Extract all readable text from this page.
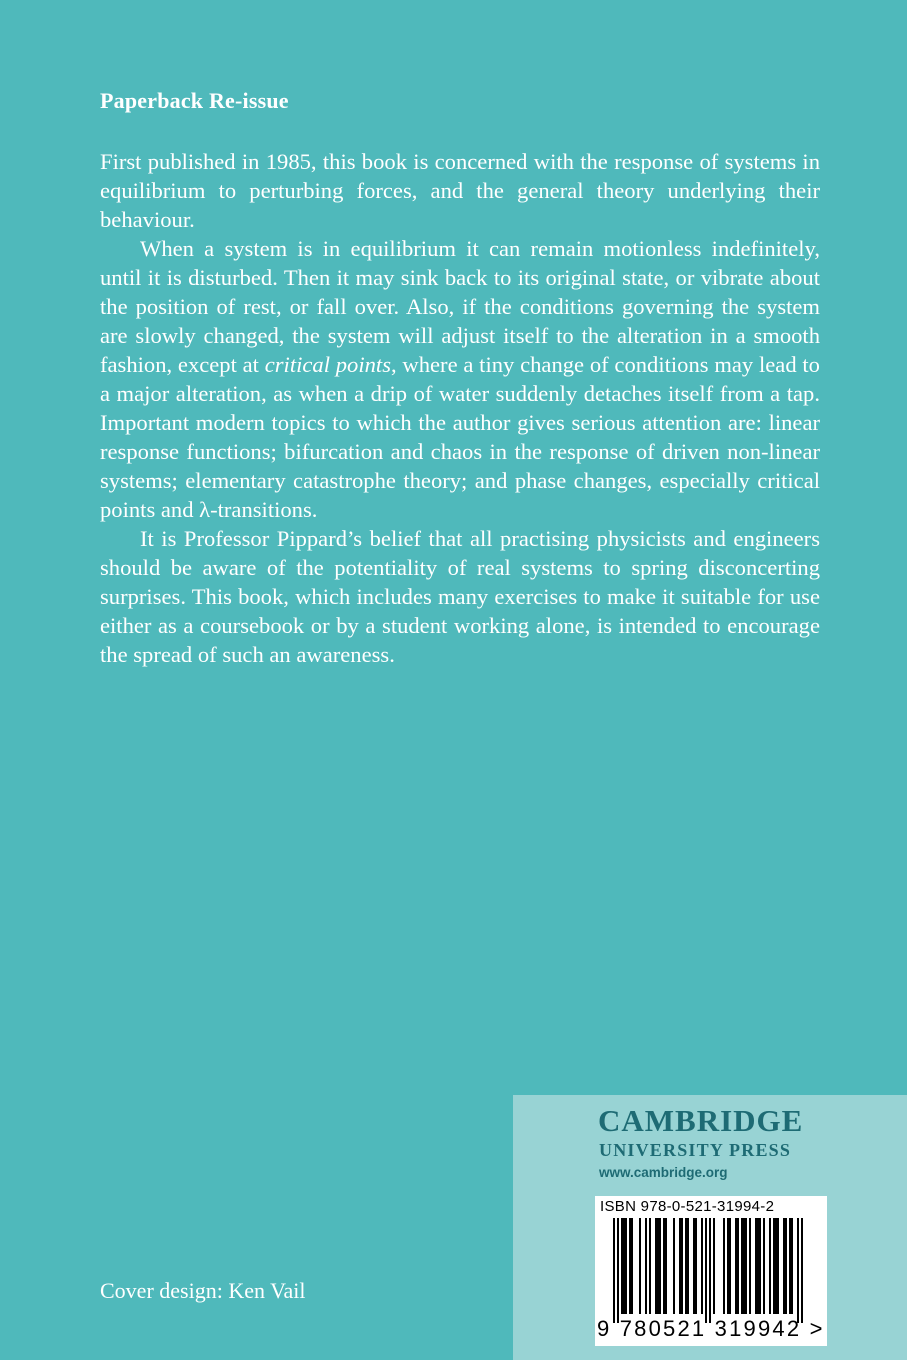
Paperback Re-issue

First published in 1985, this book is concerned with the response of systems in equilibrium to perturbing forces, and the general theory underlying their behaviour.

When a system is in equilibrium it can remain motionless indefinitely, until it is disturbed. Then it may sink back to its original state, or vibrate about the position of rest, or fall over. Also, if the conditions governing the system are slowly changed, the system will adjust itself to the alteration in a smooth fashion, except at critical points, where a tiny change of conditions may lead to a major alteration, as when a drip of water suddenly detaches itself from a tap. Important modern topics to which the author gives serious attention are: linear response functions; bifurcation and chaos in the response of driven non-linear systems; elementary catastrophe theory; and phase changes, especially critical points and λ-transitions.

It is Professor Pippard’s belief that all practising physicists and engineers should be aware of the potentiality of real systems to spring disconcerting surprises. This book, which includes many exercises to make it suitable for use either as a coursebook or by a student working alone, is intended to encourage the spread of such an awareness.

Cover design: Ken Vail
CAMBRIDGE
UNIVERSITY PRESS
www.cambridge.org
ISBN 978-0-521-31994-2
9 780521 319942 >
